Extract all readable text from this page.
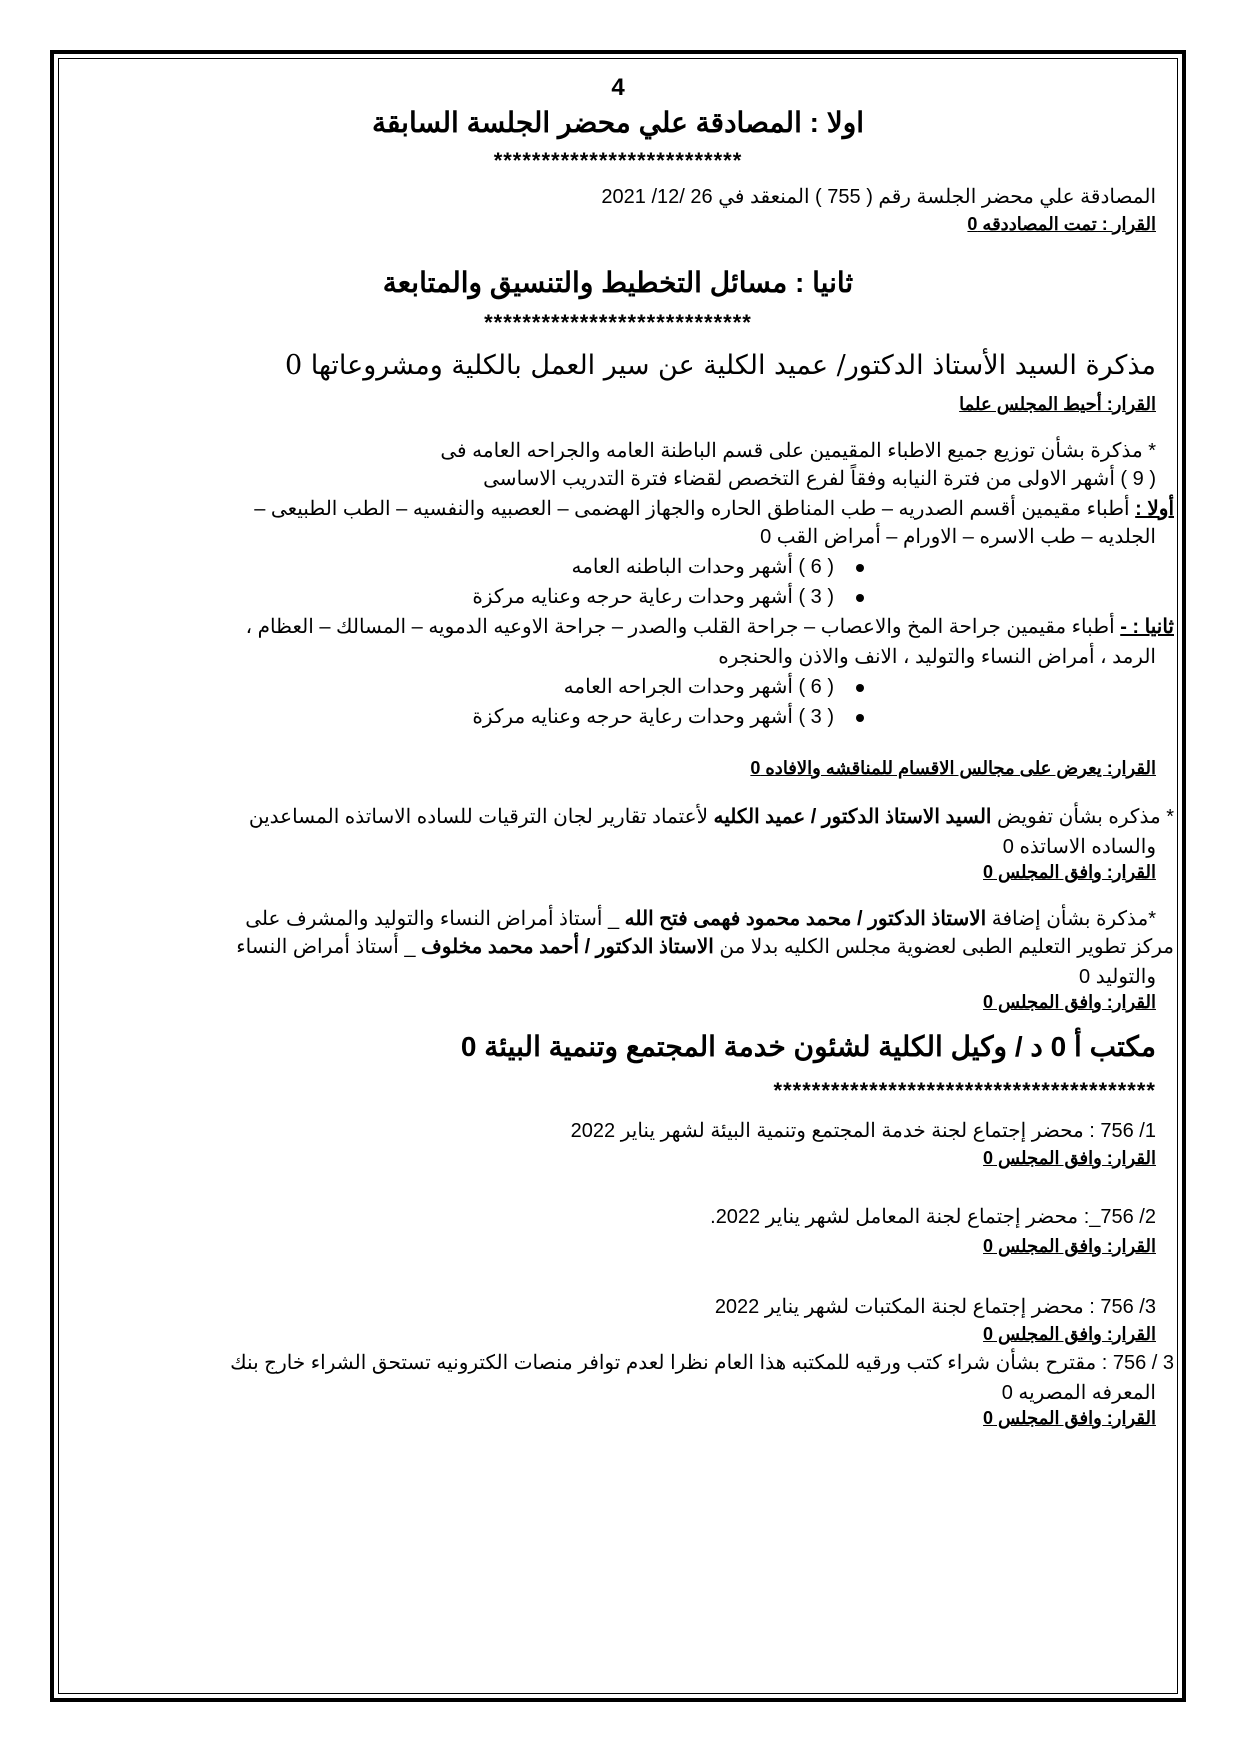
4
اولا : المصادقة علي محضر الجلسة السابقة
**************************
المصادقة علي محضر الجلسة رقم ( 755 ) المنعقد في 26 /12/ 2021
القرار : تمت المصاددقه 0
ثانيا : مسائل التخطيط والتنسيق والمتابعة
****************************
مذكرة السيد الأستاذ الدكتور/ عميد الكلية عن سير العمل بالكلية ومشروعاتها 0
القرار: أحيط المجلس علما
* مذكرة بشأن توزيع جميع الاطباء المقيمين على قسم الباطنة العامه والجراحه العامه فى
( 9 ) أشهر الاولى من فترة النيابه وفقاً لفرع التخصص لقضاء فترة التدريب الاساسى
أولا : أطباء مقيمين أقسم الصدريه – طب المناطق الحاره والجهاز الهضمى – العصبيه والنفسيه – الطب الطبيعى –
الجلديه – طب الاسره – الاورام – أمراض القب 0
( 6 ) أشهر وحدات الباطنه العامه
( 3 ) أشهر وحدات رعاية حرجه وعنايه مركزة
ثانيا : - أطباء مقيمين جراحة المخ والاعصاب – جراحة القلب والصدر – جراحة الاوعيه الدمويه – المسالك – العظام ،
الرمد ، أمراض النساء والتوليد ، الانف والاذن والحنجره
( 6 ) أشهر وحدات الجراحه العامه
( 3 ) أشهر وحدات رعاية حرجه وعنايه مركزة
القرار: يعرض على مجالس الاقسام للمناقشه والافاده 0
* مذكره بشأن تفويض السيد الاستاذ الدكتور / عميد الكليه لأعتماد تقارير لجان الترقيات للساده الاساتذه المساعدين
والساده الاساتذه 0
القرار: وافق المجلس 0
*مذكرة بشأن إضافة الاستاذ الدكتور / محمد محمود فهمى فتح الله _ أستاذ أمراض النساء والتوليد والمشرف على
مركز تطوير التعليم الطبى لعضوية مجلس الكليه بدلا من الاستاذ الدكتور / أحمد محمد مخلوف _ أستاذ أمراض النساء
والتوليد 0
القرار: وافق المجلس 0
مكتب أ 0 د / وكيل الكلية لشئون خدمة المجتمع وتنمية البيئة 0
****************************************
1/ 756 : محضر إجتماع لجنة خدمة المجتمع وتنمية البيئة لشهر يناير 2022
القرار: وافق المجلس 0
2/ 756_: محضر إجتماع لجنة المعامل لشهر يناير 2022.
القرار: وافق المجلس 0
3/ 756 : محضر إجتماع لجنة المكتبات لشهر يناير 2022
القرار: وافق المجلس 0
3 / 756 : مقترح بشأن شراء كتب ورقيه للمكتبه هذا العام نظرا لعدم توافر منصات الكترونيه تستحق الشراء خارج بنك
المعرفه المصريه 0
القرار: وافق المجلس 0
